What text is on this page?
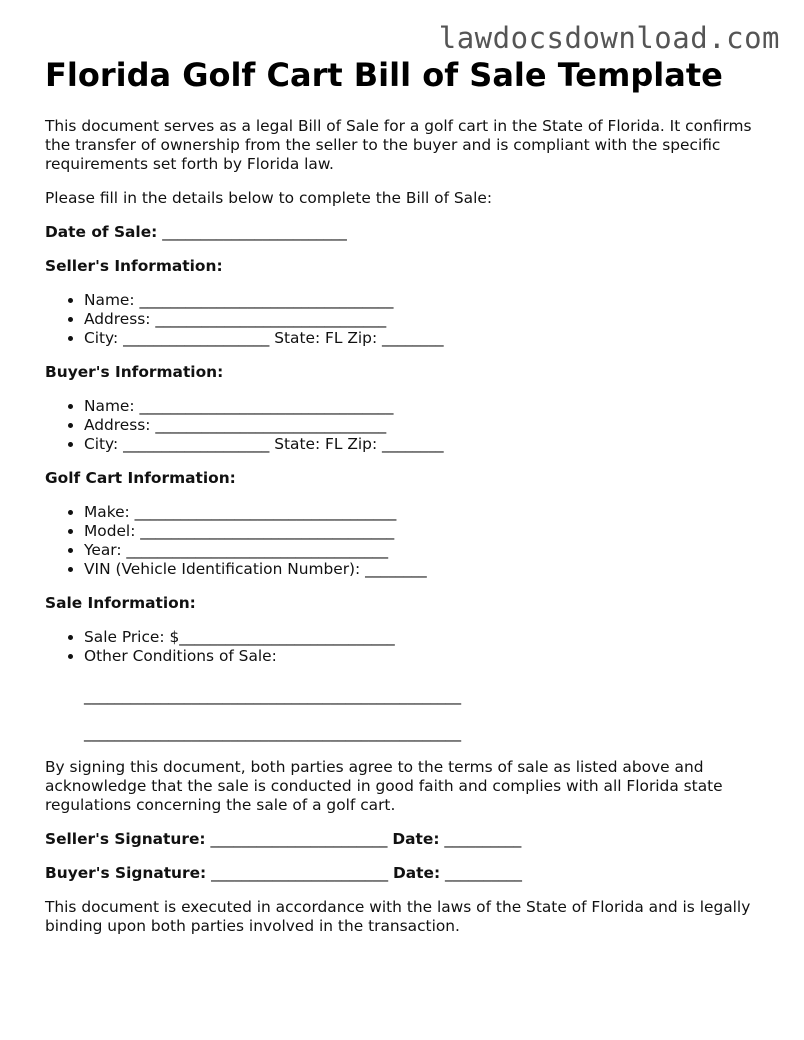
lawdocsdownload.com
Florida Golf Cart Bill of Sale Template

This document serves as a legal Bill of Sale for a golf cart in the State of Florida. It confirms the transfer of ownership from the seller to the buyer and is compliant with the specific requirements set forth by Florida law.

Please fill in the details below to complete the Bill of Sale:

Date of Sale: ________________________

Seller's Information:

• Name: _________________________________
• Address: ______________________________
• City: ___________________ State: FL Zip: ________

Buyer's Information:

• Name: _________________________________
• Address: ______________________________
• City: ___________________ State: FL Zip: ________

Golf Cart Information:

• Make: __________________________________
• Model: _________________________________
• Year: __________________________________
• VIN (Vehicle Identification Number): ________

Sale Information:

• Sale Price: $____________________________
• Other Conditions of Sale:
_________________________________________________
_________________________________________________

By signing this document, both parties agree to the terms of sale as listed above and acknowledge that the sale is conducted in good faith and complies with all Florida state regulations concerning the sale of a golf cart.

Seller's Signature: _______________________ Date: __________

Buyer's Signature: _______________________ Date: __________

This document is executed in accordance with the laws of the State of Florida and is legally binding upon both parties involved in the transaction.
